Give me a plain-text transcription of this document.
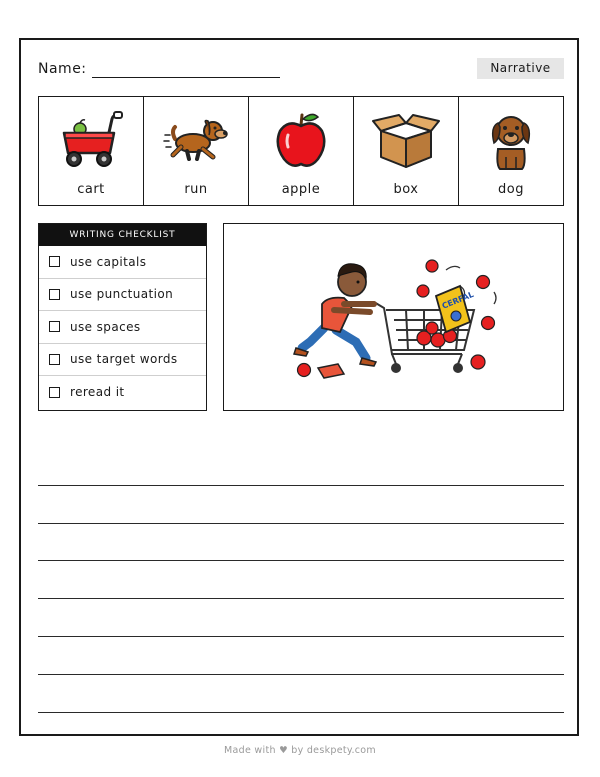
Name:	Narrative
cart	run	apple	box	dog
WRITING CHECKLIST
use capitals
use punctuation
use spaces
use target words
reread it
CERFAL
Made with ♥ by deskpety.com
